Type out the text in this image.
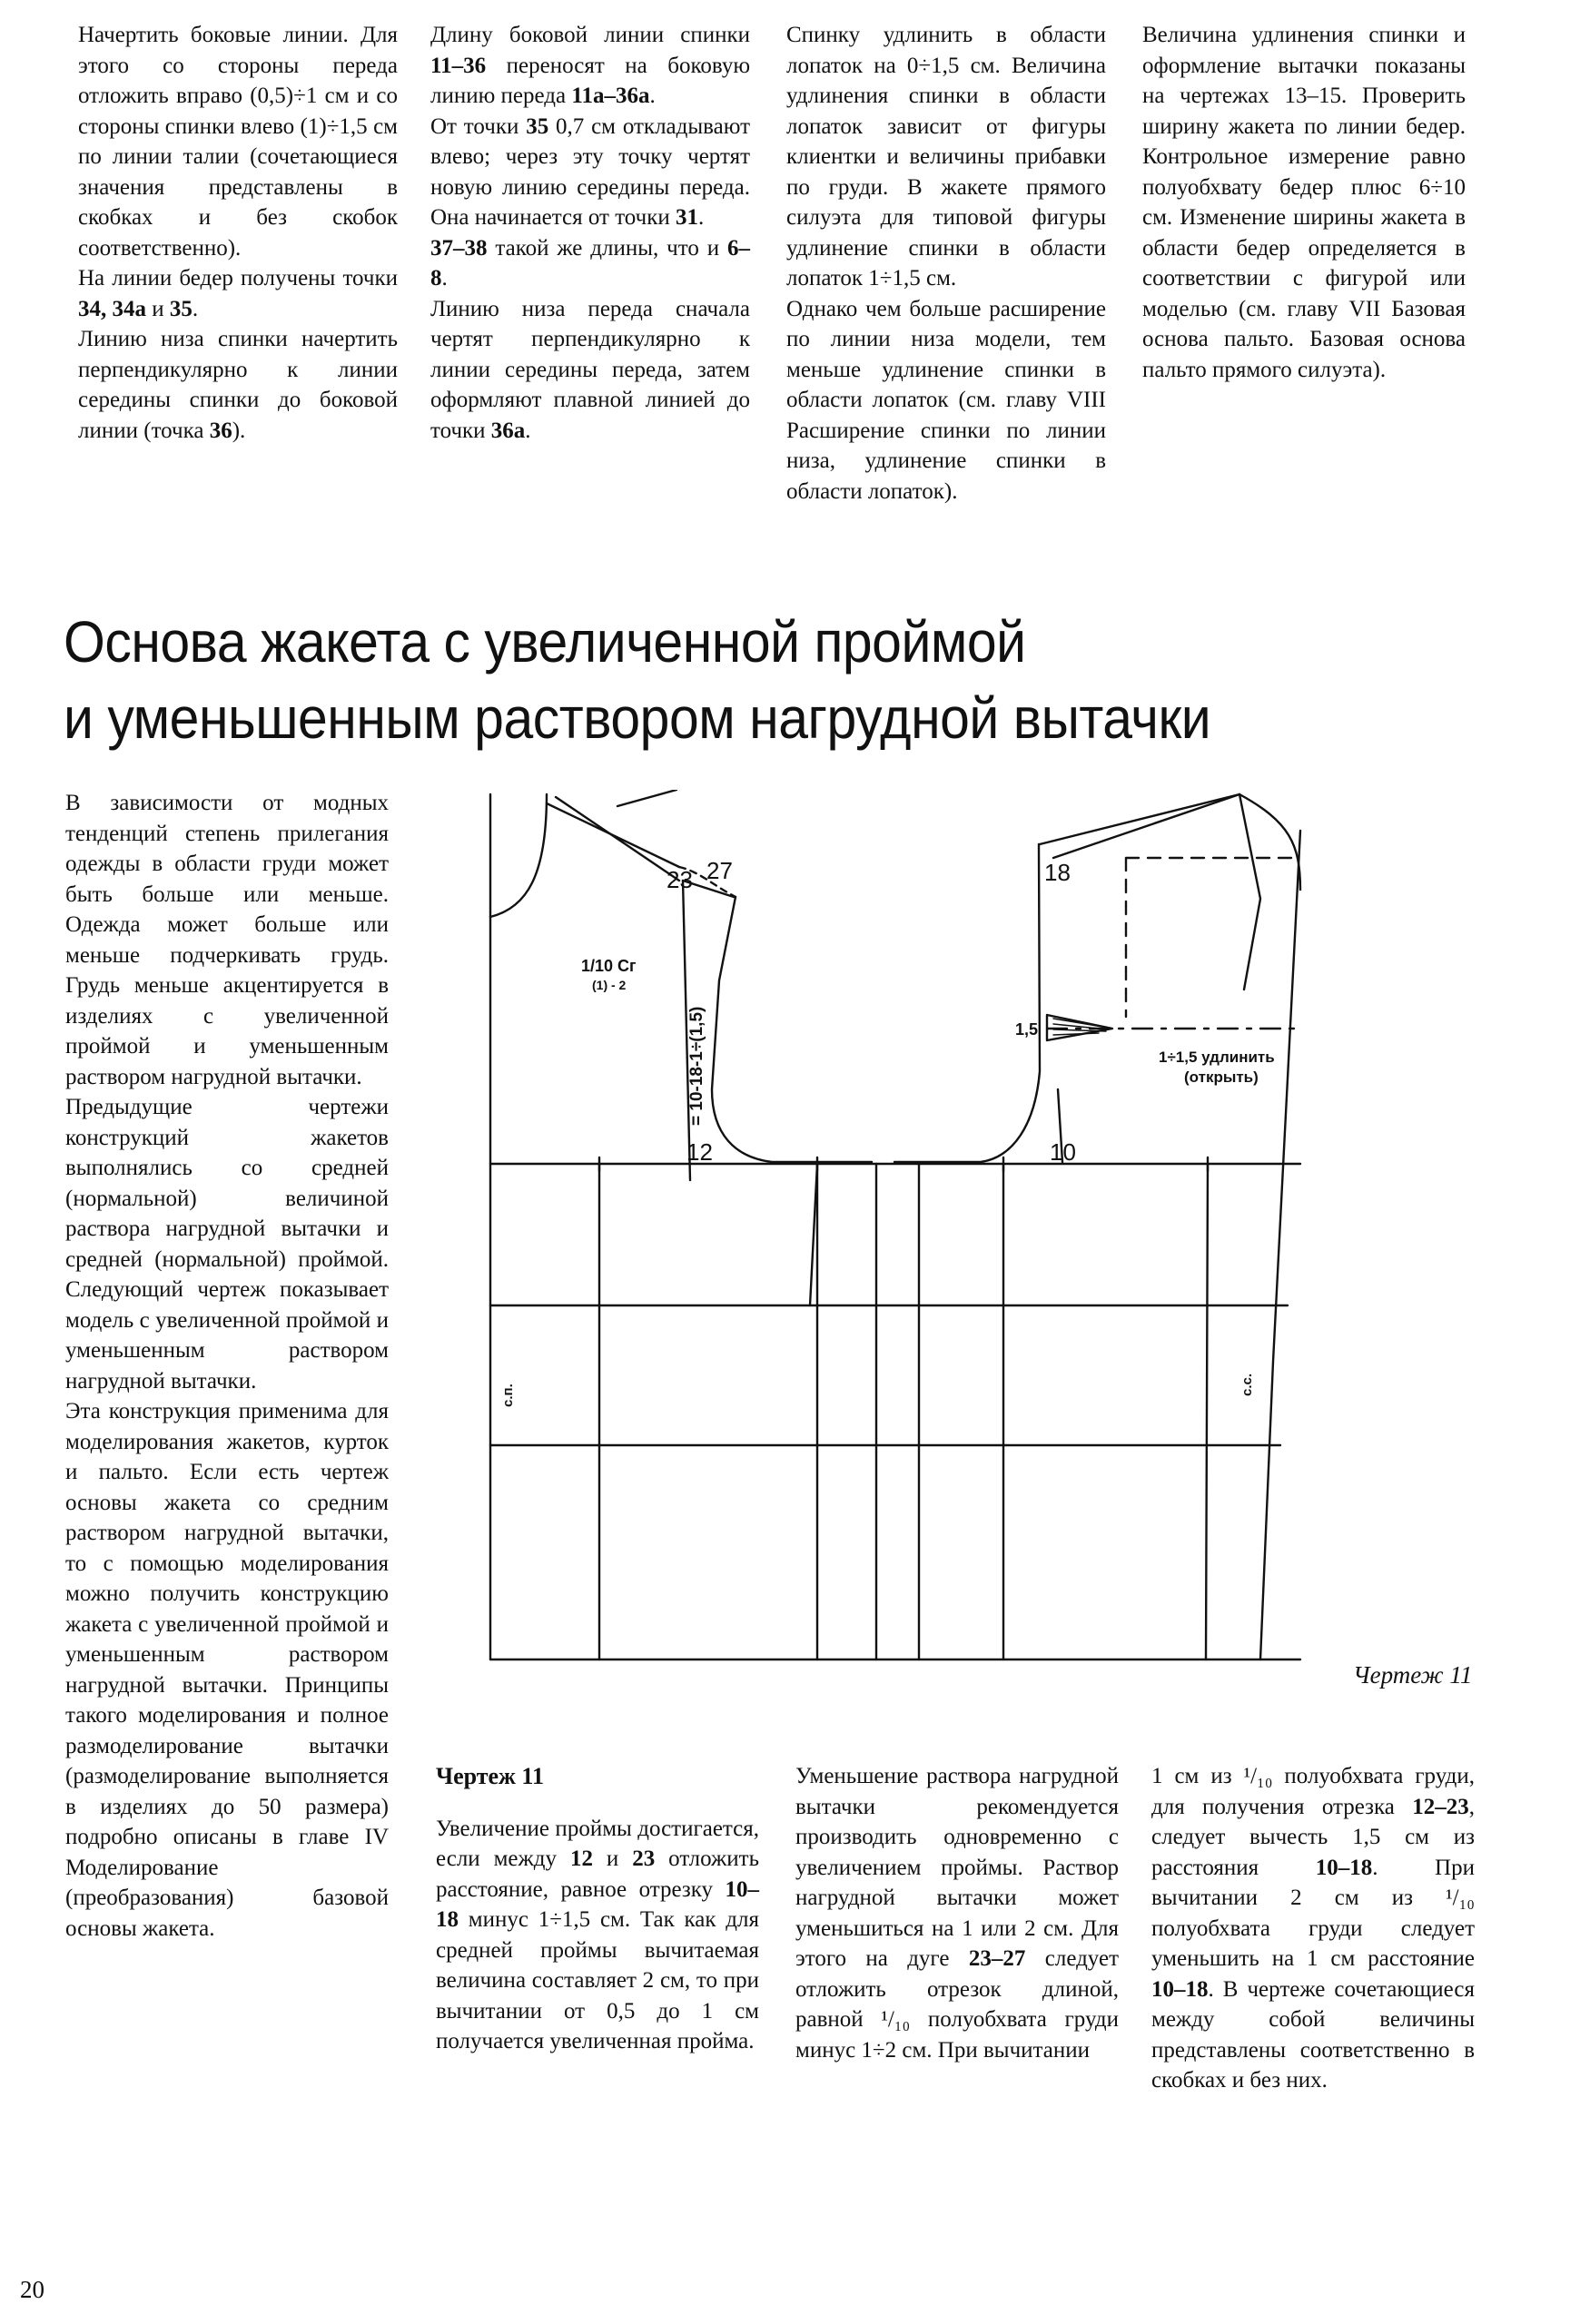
Начертить боковые линии. Для этого со стороны переда отложить вправо (0,5)÷1 см и со стороны спинки влево (1)÷1,5 см по линии талии (сочетающиеся значения представлены в скобках и без скобок соответственно).

На линии бедер получены точки 34, 34а и 35.

Линию низа спинки начертить перпендикулярно к линии середины спинки до боковой линии (точка 36).

Длину боковой линии спинки 11–36 переносят на боковую линию переда 11а–36а.

От точки 35 0,7 см откладывают влево; через эту точку чертят новую линию середины переда. Она начинается от точки 31.

37–38 такой же длины, что и 6–8.

Линию низа переда сначала чертят перпендикулярно к линии середины переда, затем оформляют плавной линией до точки 36а.

Спинку удлинить в области лопаток на 0÷1,5 см. Величина удлинения спинки в области лопаток зависит от фигуры клиентки и величины прибавки по груди. В жакете прямого силуэта для типовой фигуры удлинение спинки в области лопаток 1÷1,5 см.

Однако чем больше расширение по линии низа модели, тем меньше удлинение спинки в области лопаток (см. главу VIII Расширение спинки по линии низа, удлинение спинки в области лопаток).

Величина удлинения спинки и оформление вытачки показаны на чертежах 13–15. Проверить ширину жакета по линии бедер. Контрольное измерение равно полуобхвату бедер плюс 6÷10 см. Изменение ширины жакета в области бедер определяется в соответствии с фигурой или моделью (см. главу VII Базовая основа пальто. Базовая основа пальто прямого силуэта).

Основа жакета с увеличенной проймой
и уменьшенным раствором нагрудной вытачки

В зависимости от модных тенденций степень прилегания одежды в области груди может быть больше или меньше. Одежда может больше или меньше подчеркивать грудь. Грудь меньше акцентируется в изделиях с увеличенной проймой и уменьшенным раствором нагрудной вытачки.

Предыдущие чертежи конструкций жакетов выполнялись со средней (нормальной) величиной раствора нагрудной вытачки и средней (нормальной) проймой. Следующий чертеж показывает модель с увеличенной проймой и уменьшенным раствором нагрудной вытачки.

Эта конструкция применима для моделирования жакетов, курток и пальто. Если есть чертеж основы жакета со средним раствором нагрудной вытачки, то с помощью моделирования можно получить конструкцию жакета с увеличенной проймой и уменьшенным раствором нагрудной вытачки. Принципы такого моделирования и полное размоделирование вытачки (размоделирование выполняется в изделиях до 50 размера) подробно описаны в главе IV Моделирование (преобразования) базовой основы жакета.

23 27	18
12	10
1/10 Сг
(1) - 2
= 10-18-1÷(1,5)	1,5
1÷1,5 удлинить
(открыть)
с.п.	с.с.
Чертеж 11

Чертеж 11

Увеличение проймы достигается, если между 12 и 23 отложить расстояние, равное отрезку 10–18 минус 1÷1,5 см. Так как для средней проймы вычитаемая величина составляет 2 см, то при вычитании от 0,5 до 1 см получается увеличенная пройма.

Уменьшение раствора нагрудной вытачки рекомендуется производить одновременно с увеличением проймы. Раствор нагрудной вытачки может уменьшиться на 1 или 2 см. Для этого на дуге 23–27 следует отложить отрезок длиной, равной ¹/₁₀ полуобхвата груди минус 1÷2 см. При вычитании

1 см из ¹/₁₀ полуобхвата груди, для получения отрезка 12–23, следует вычесть 1,5 см из расстояния 10–18. При вычитании 2 см из ¹/₁₀ полуобхвата груди следует уменьшить на 1 см расстояние 10–18. В чертеже сочетающиеся между собой величины представлены соответственно в скобках и без них.

20
